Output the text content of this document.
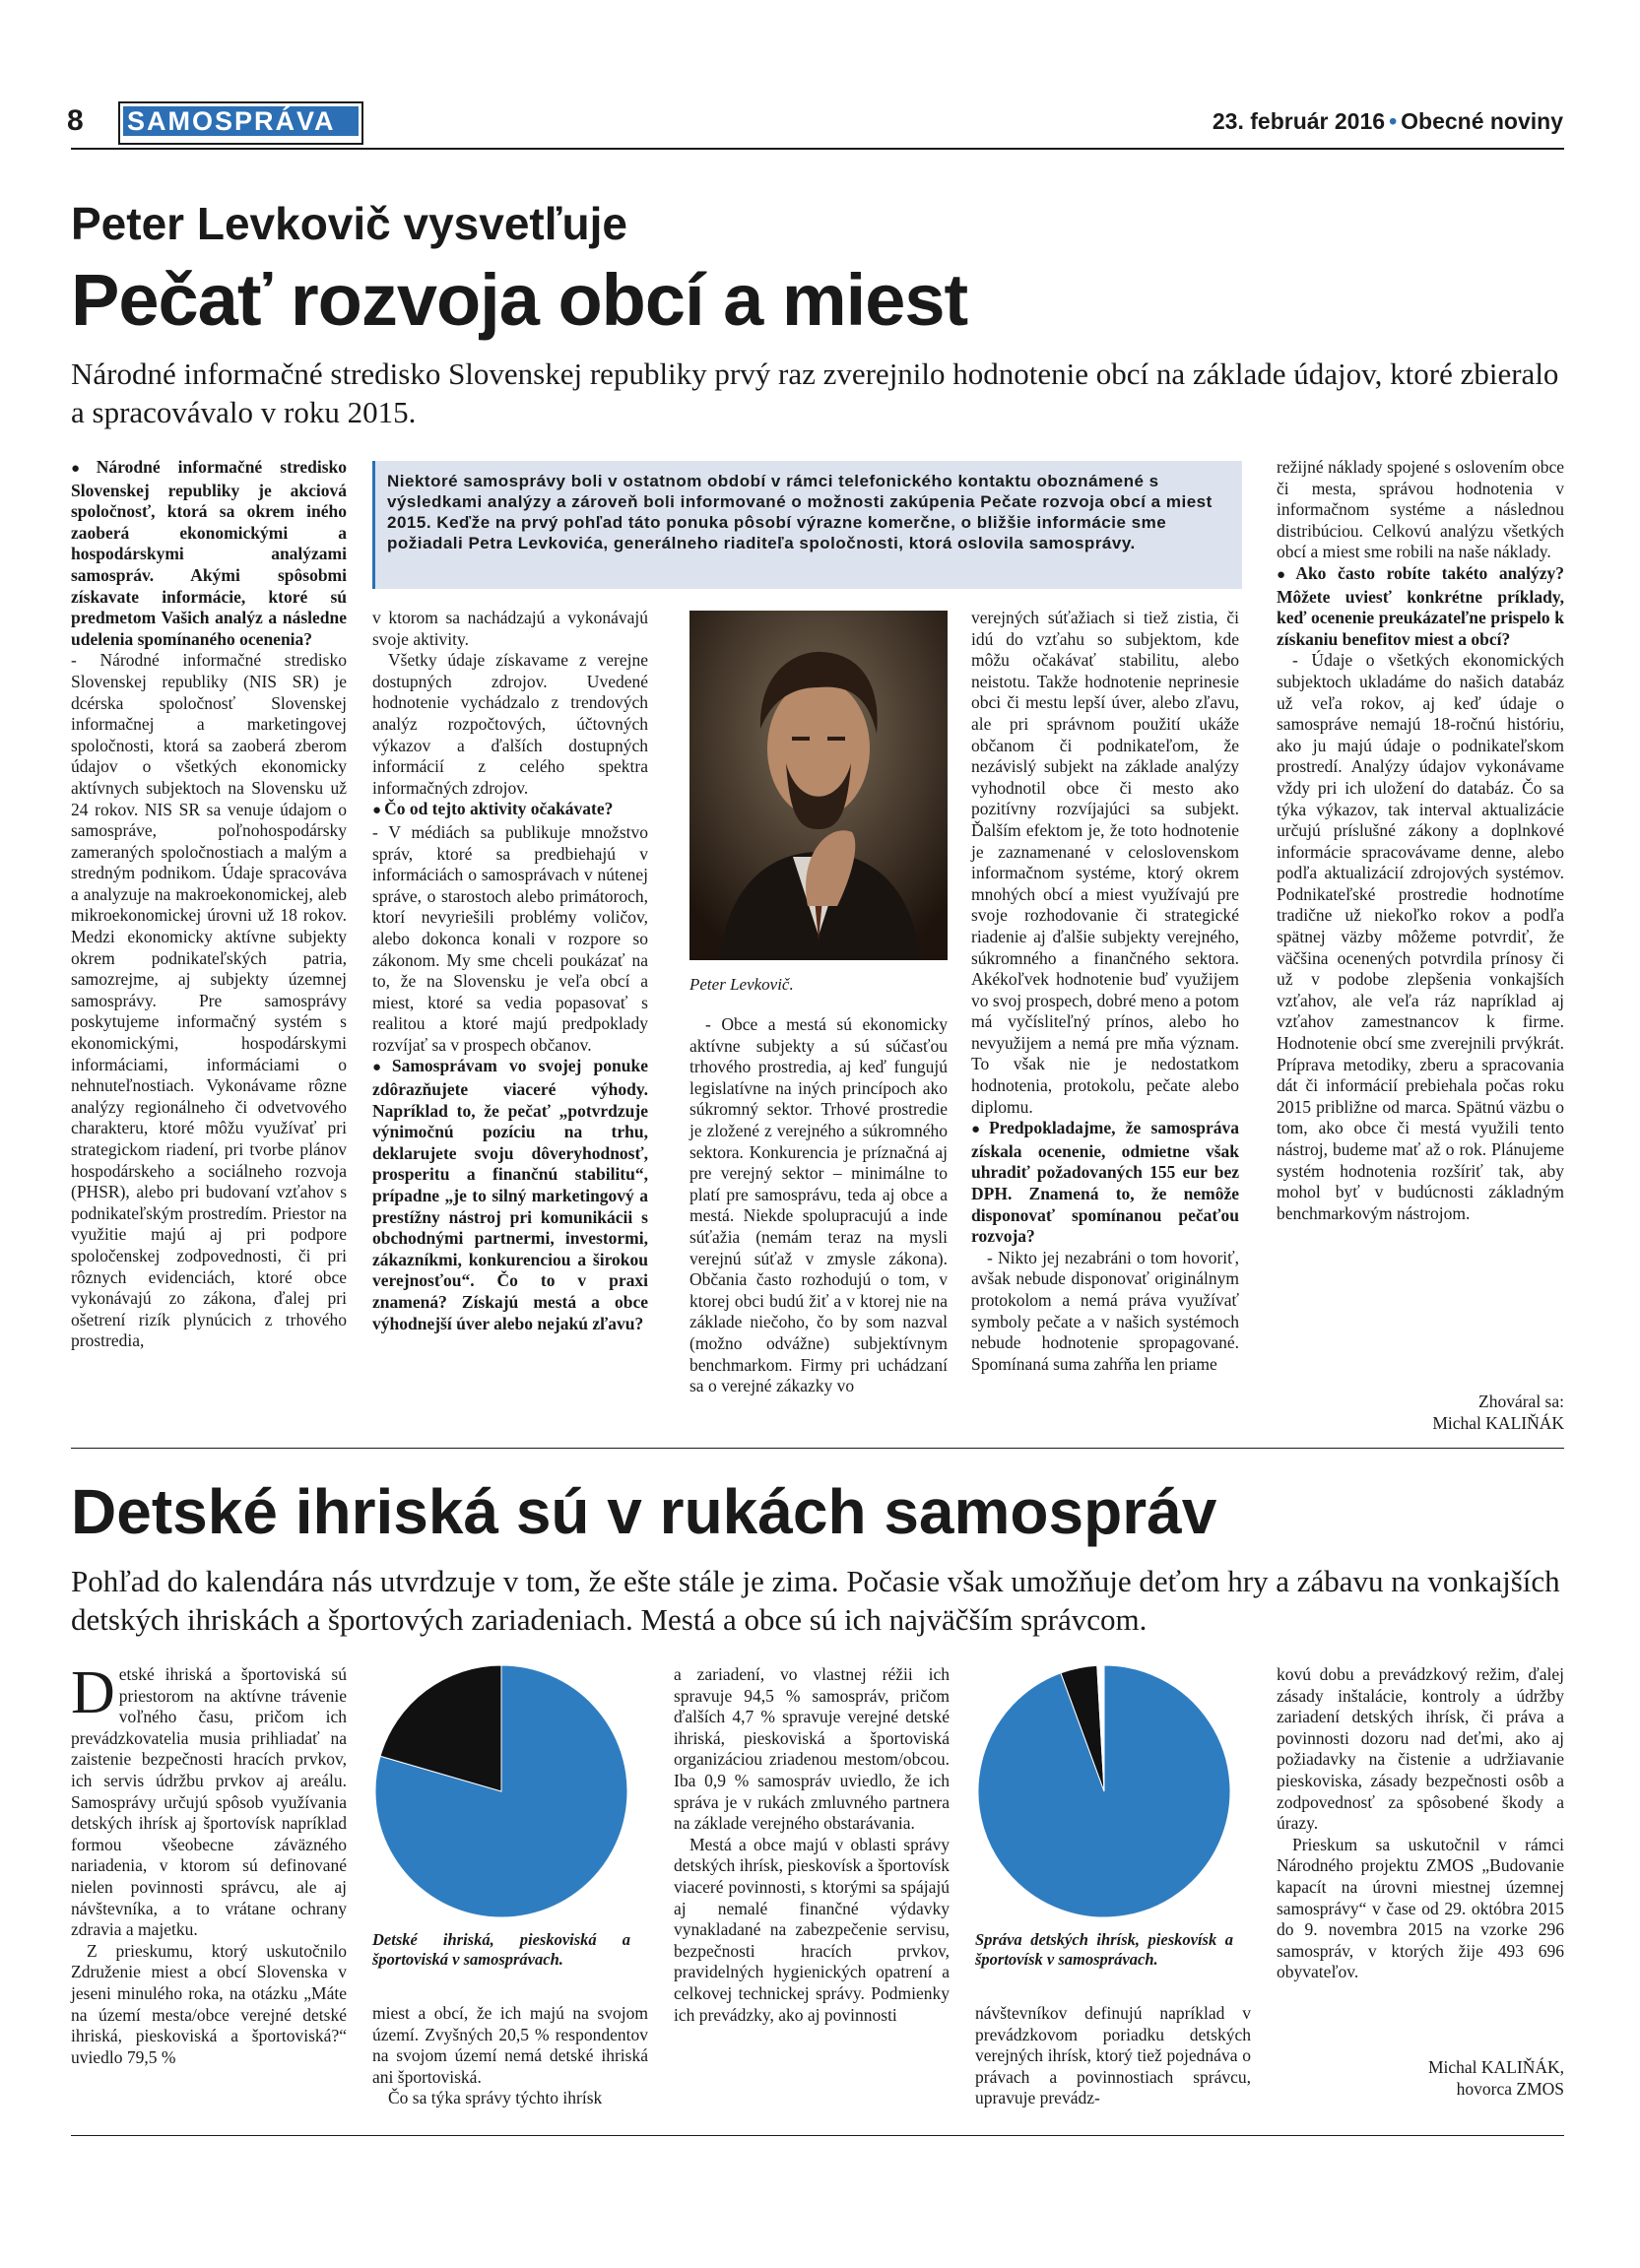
8 SAMOSPRÁVA	23. február 2016 • Obecné noviny
Peter Levkovič vysvetľuje
Pečať rozvoja obcí a miest
Národné informačné stredisko Slovenskej republiky prvý raz zverejnilo hodnotenie obcí na základe údajov, ktoré zbieralo a spracovávalo v roku 2015.

Niektoré samosprávy boli v ostatnom období v rámci telefonického kontaktu oboznámené s výsledkami analýzy a zároveň boli informované o možnosti zakúpenia Pečate rozvoja obcí a miest 2015. Keďže na prvý pohľad táto ponuka pôsobí výrazne komerčne, o bližšie informácie sme požiadali Petra Levkovića, generálneho riaditeľa spoločnosti, ktorá oslovila samosprávy.

● Národné informačné stredisko Slovenskej republiky je akciová spoločnosť, ktorá sa okrem iného zaoberá ekonomickými a hospodárskymi analýzami samospráv. Akými spôsobmi získavate informácie, ktoré sú predmetom Vašich analýz a následne udelenia spomínaného ocenenia?

- Národné informačné stredisko Slovenskej republiky (NIS SR) je dcérska spoločnosť Slovenskej informačnej a marketingovej spoločnosti, ktorá sa zaoberá zberom údajov o všetkých ekonomicky aktívnych subjektoch na Slovensku už 24 rokov. NIS SR sa venuje údajom o samospráve, poľnohospodársky zameraných spoločnostiach a malým a stredným podnikom. Údaje spracováva a analyzuje na makroekonomickej, aleb mikroekonomickej úrovni už 18 rokov. Medzi ekonomicky aktívne subjekty okrem podnikateľských patria, samozrejme, aj subjekty územnej samosprávy. Pre samosprávy poskytujeme informačný systém s ekonomickými, hospodárskymi informáciami, informáciami o nehnuteľnostiach. Vykonávame rôzne analýzy regionálneho či odvetvového charakteru, ktoré môžu využívať pri strategickom riadení, pri tvorbe plánov hospodárskeho a sociálneho rozvoja (PHSR), alebo pri budovaní vzťahov s podnikateľským prostredím. Priestor na využitie majú aj pri podpore spoločenskej zodpovednosti, či pri rôznych evidenciách, ktoré obce vykonávajú zo zákona, ďalej pri ošetrení rizík plynúcich z trhového prostredia,

v ktorom sa nachádzajú a vykonávajú svoje aktivity.

Všetky údaje získavame z verejne dostupných zdrojov. Uvedené hodnotenie vychádzalo z trendových analýz rozpočtových, účtovných výkazov a ďalších dostupných informácií z celého spektra informačných zdrojov.

● Čo od tejto aktivity očakávate?

- V médiách sa publikuje množstvo správ, ktoré sa predbiehajú v informáciách o samosprávach v nútenej správe, o starostoch alebo primátoroch, ktorí nevyriešili problémy voličov, alebo dokonca konali v rozpore so zákonom. My sme chceli poukázať na to, že na Slovensku je veľa obcí a miest, ktoré sa vedia popasovať s realitou a ktoré majú predpoklady rozvíjať sa v prospech občanov.

● Samosprávam vo svojej ponuke zdôrazňujete viaceré výhody. Napríklad to, že pečať „potvrdzuje výnimočnú pozíciu na trhu, deklarujete svoju dôveryhodnosť, prosperitu a finančnú stabilitu“, prípadne „je to silný marketingový a prestížny nástroj pri komunikácii s obchodnými partnermi, investormi, zákazníkmi, konkurenciou a širokou verejnosťou“. Čo to v praxi znamená? Získajú mestá a obce výhodnejší úver alebo nejakú zľavu?

Peter Levkovič.

- Obce a mestá sú ekonomicky aktívne subjekty a sú súčasťou trhového prostredia, aj keď fungujú legislatívne na iných princípoch ako súkromný sektor. Trhové prostredie je zložené z verejného a súkromného sektora. Konkurencia je príznačná aj pre verejný sektor – minimálne to platí pre samosprávu, teda aj obce a mestá. Niekde spolupracujú a inde súťažia (nemám teraz na mysli verejnú súťaž v zmysle zákona). Občania často rozhodujú o tom, v ktorej obci budú žiť a v ktorej nie na základe niečoho, čo by som nazval (možno odvážne) subjektívnym benchmarkom. Firmy pri uchádzaní sa o verejné zákazky vo

verejných súťažiach si tiež zistia, či idú do vzťahu so subjektom, kde môžu očakávať stabilitu, alebo neistotu. Takže hodnotenie neprinesie obci či mestu lepší úver, alebo zľavu, ale pri správnom použití ukáže občanom či podnikateľom, že nezávislý subjekt na základe analýzy vyhodnotil obce či mesto ako pozitívny rozvíjajúci sa subjekt. Ďalším efektom je, že toto hodnotenie je zaznamenané v celoslovenskom informačnom systéme, ktorý okrem mnohých obcí a miest využívajú pre svoje rozhodovanie či strategické riadenie aj ďalšie subjekty verejného, súkromného a finančného sektora. Akékoľvek hodnotenie buď využijem vo svoj prospech, dobré meno a potom má vyčísliteľný prínos, alebo ho nevyužijem a nemá pre mňa význam. To však nie je nedostatkom hodnotenia, protokolu, pečate alebo diplomu.

● Predpokladajme, že samospráva získala ocenenie, odmietne však uhradiť požadovaných 155 eur bez DPH. Znamená to, že nemôže disponovať spomínanou pečaťou rozvoja?

- Nikto jej nezabráni o tom hovoriť, avšak nebude disponovať originálnym protokolom a nemá práva využívať symboly pečate a v našich systémoch nebude hodnotenie spropagované. Spomínaná suma zahŕňa len priame

režijné náklady spojené s oslovením obce či mesta, správou hodnotenia v informačnom systéme a následnou distribúciou. Celkovú analýzu všetkých obcí a miest sme robili na naše náklady.

● Ako často robíte takéto analýzy? Môžete uviesť konkrétne príklady, keď ocenenie preukázateľne prispelo k získaniu benefitov miest a obcí?

- Údaje o všetkých ekonomických subjektoch ukladáme do našich databáz už veľa rokov, aj keď údaje o samospráve nemajú 18-ročnú históriu, ako ju majú údaje o podnikateľskom prostredí. Analýzy údajov vykonávame vždy pri ich uložení do databáz. Čo sa týka výkazov, tak interval aktualizácie určujú príslušné zákony a doplnkové informácie spracovávame denne, alebo podľa aktualizácií zdrojových systémov. Podnikateľské prostredie hodnotíme tradične už niekoľko rokov a podľa spätnej väzby môžeme potvrdiť, že väčšina ocenených potvrdila prínosy či už v podobe zlepšenia vonkajších vzťahov, ale veľa ráz napríklad aj vzťahov zamestnancov k firme. Hodnotenie obcí sme zverejnili prvýkrát. Príprava metodiky, zberu a spracovania dát či informácií prebiehala počas roku 2015 približne od marca. Spätnú väzbu o tom, ako obce či mestá využili tento nástroj, budeme mať až o rok. Plánujeme systém hodnotenia rozšíriť tak, aby mohol byť v budúcnosti základným benchmarkovým nástrojom.

Zhováral sa:
Michal KALIŇÁK
Detské ihriská sú v rukách samospráv
Pohľad do kalendára nás utvrdzuje v tom, že ešte stále je zima. Počasie však umožňuje deťom hry a zábavu na vonkajších detských ihriskách a športových zariadeniach. Mestá a obce sú ich najväčším správcom.

Detské ihriská a športoviská sú priestorom na aktívne trávenie voľného času, pričom ich prevádzkovatelia musia prihliadať na zaistenie bezpečnosti hracích prvkov, ich servis údržbu prvkov aj areálu. Samosprávy určujú spôsob využívania detských ihrísk aj športovísk napríklad formou všeobecne záväzného nariadenia, v ktorom sú definované nielen povinnosti správcu, ale aj návštevníka, a to vrátane ochrany zdravia a majetku.

Z prieskumu, ktorý uskutočnilo Združenie miest a obcí Slovenska v jeseni minulého roka, na otázku „Máte na území mesta/obce verejné detské ihriská, pieskoviská a športoviská?“ uviedlo 79,5 %

Detské ihriská, pieskoviská a športoviská v samosprávach.

miest a obcí, že ich majú na svojom území. Zvyšných 20,5 % respondentov na svojom území nemá detské ihriská ani športoviská.

Čo sa týka správy týchto ihrísk

a zariadení, vo vlastnej réžii ich spravuje 94,5 % samospráv, pričom ďalších 4,7 % spravuje verejné detské ihriská, pieskoviská a športoviská organizáciou zriadenou mestom/obcou. Iba 0,9 % samospráv uviedlo, že ich správa je v rukách zmluvného partnera na základe verejného obstarávania.

Mestá a obce majú v oblasti správy detských ihrísk, pieskovísk a športovísk viaceré povinnosti, s ktorými sa spájajú aj nemalé finančné výdavky vynakladané na zabezpečenie servisu, bezpečnosti hracích prvkov, pravidelných hygienických opatrení a celkovej technickej správy. Podmienky ich prevádzky, ako aj povinnosti

Správa detských ihrísk, pieskovísk a športovísk v samosprávach.

návštevníkov definujú napríklad v prevádzkovom poriadku detských verejných ihrísk, ktorý tiež pojednáva o právach a povinnostiach správcu, upravuje prevádz-

kovú dobu a prevádzkový režim, ďalej zásady inštalácie, kontroly a údržby zariadení detských ihrísk, či práva a povinnosti dozoru nad deťmi, ako aj požiadavky na čistenie a udržiavanie pieskoviska, zásady bezpečnosti osôb a zodpovednosť za spôsobené škody a úrazy.

Prieskum sa uskutočnil v rámci Národného projektu ZMOS „Budovanie kapacít na úrovni miestnej územnej samosprávy“ v čase od 29. októbra 2015 do 9. novembra 2015 na vzorke 296 samospráv, v ktorých žije 493 696 obyvateľov.

Michal KALIŇÁK,
hovorca ZMOS
